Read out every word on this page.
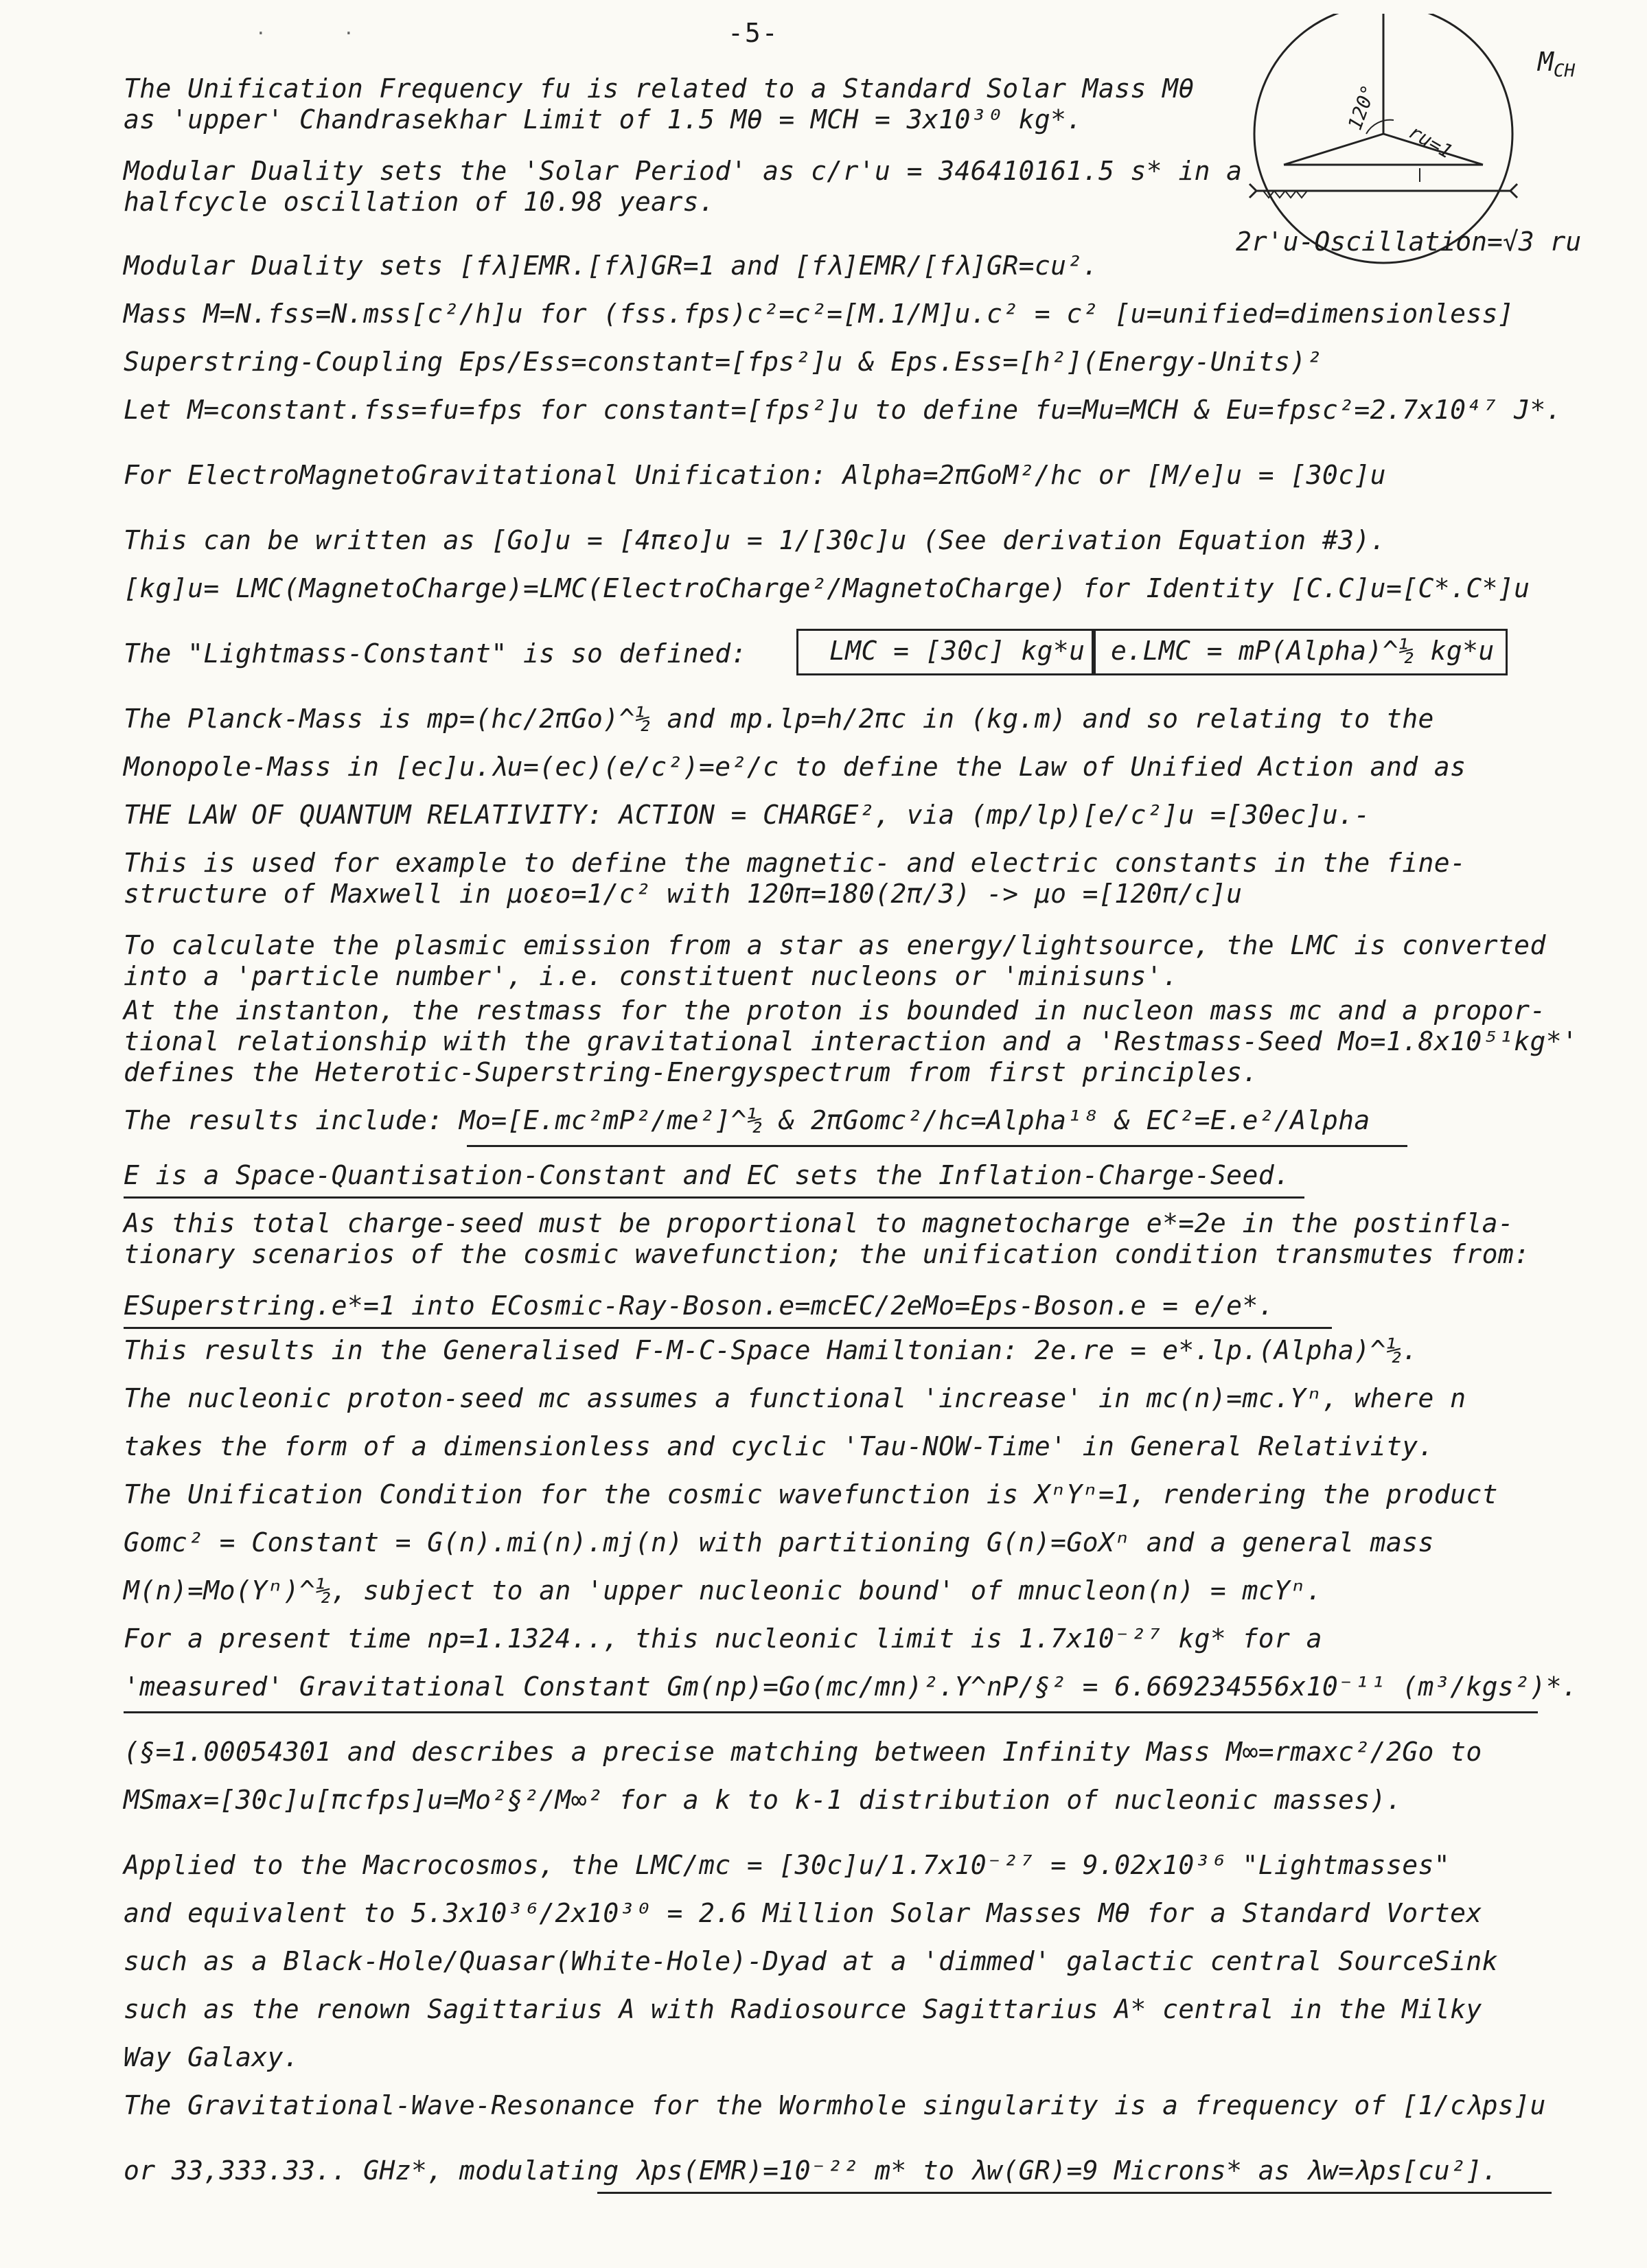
-5-
·	·
$M_{CH}$
120°
ru=1
2r'u-Oscillation=√3 ru
The Unification Frequency fu is related to a Standard Solar Mass Mθ
as 'upper' Chandrasekhar Limit of 1.5 Mθ = MCH = 3x10³⁰ kg*.
Modular Duality sets the 'Solar Period' as c/r'u = 346410161.5 s* in a
halfcycle oscillation of 10.98 years.
Modular Duality sets [fλ]EMR.[fλ]GR=1 and [fλ]EMR/[fλ]GR=cu².
Mass M=N.fss=N.mss[c²/h]u for (fss.fps)c²=c²=[M.1/M]u.c² = c² [u=unified=dimensionless]
Superstring-Coupling Eps/Ess=constant=[fps²]u & Eps.Ess=[h²](Energy-Units)²
Let M=constant.fss=fu=fps for constant=[fps²]u to define fu=Mu=MCH & Eu=fpsc²=2.7x10⁴⁷ J*.
For ElectroMagnetoGravitational Unification: Alpha=2πGoM²/hc or [M/e]u = [30c]u
This can be written as [Go]u = [4πεo]u = 1/[30c]u (See derivation Equation #3).
[kg]u= LMC(MagnetoCharge)=LMC(ElectroCharge²/MagnetoCharge) for Identity [C.C]u=[C*.C*]u
The "Lightmass-Constant" is so defined:	LMC = [30c] kg*u e.LMC = mP(Alpha)^½ kg*u
The Planck-Mass is mp=(hc/2πGo)^½ and mp.lp=h/2πc in (kg.m) and so relating to the
Monopole-Mass in [ec]u.λu=(ec)(e/c²)=e²/c to define the Law of Unified Action and as
THE LAW OF QUANTUM RELATIVITY: ACTION = CHARGE², via (mp/lp)[e/c²]u =[30ec]u.-
This is used for example to define the magnetic- and electric constants in the fine-
structure of Maxwell in μoεo=1/c² with 120π=180(2π/3) -> μo =[120π/c]u
To calculate the plasmic emission from a star as energy/lightsource, the LMC is converted
into a 'particle number', i.e. constituent nucleons or 'minisuns'.
At the instanton, the restmass for the proton is bounded in nucleon mass mc and a propor-
tional relationship with the gravitational interaction and a 'Restmass-Seed Mo=1.8x10⁵¹kg*'
defines the Heterotic-Superstring-Energyspectrum from first principles.
The results include: Mo=[E.mc²mP²/me²]^½ & 2πGomc²/hc=Alpha¹⁸ & EC²=E.e²/Alpha
E is a Space-Quantisation-Constant and EC sets the Inflation-Charge-Seed.
As this total charge-seed must be proportional to magnetocharge e*=2e in the postinfla-
tionary scenarios of the cosmic wavefunction; the unification condition transmutes from:
ESuperstring.e*=1 into ECosmic-Ray-Boson.e=mcEC/2eMo=Eps-Boson.e = e/e*.
This results in the Generalised F-M-C-Space Hamiltonian: 2e.re = e*.lp.(Alpha)^½.
The nucleonic proton-seed mc assumes a functional 'increase' in mc(n)=mc.Yⁿ, where n
takes the form of a dimensionless and cyclic 'Tau-NOW-Time' in General Relativity.
The Unification Condition for the cosmic wavefunction is XⁿYⁿ=1, rendering the product
Gomc² = Constant = G(n).mi(n).mj(n) with partitioning G(n)=GoXⁿ and a general mass
M(n)=Mo(Yⁿ)^½, subject to an 'upper nucleonic bound' of mnucleon(n) = mcYⁿ.
For a present time np=1.1324.., this nucleonic limit is 1.7x10⁻²⁷ kg* for a
'measured' Gravitational Constant Gm(np)=Go(mc/mn)².Y^nP/§² = 6.669234556x10⁻¹¹ (m³/kgs²)*.
(§=1.00054301 and describes a precise matching between Infinity Mass M∞=rmaxc²/2Go to
MSmax=[30c]u[πcfps]u=Mo²§²/M∞² for a k to k-1 distribution of nucleonic masses).
Applied to the Macrocosmos, the LMC/mc = [30c]u/1.7x10⁻²⁷ = 9.02x10³⁶ "Lightmasses"
and equivalent to 5.3x10³⁶/2x10³⁰ = 2.6 Million Solar Masses Mθ for a Standard Vortex
such as a Black-Hole/Quasar(White-Hole)-Dyad at a 'dimmed' galactic central SourceSink
such as the renown Sagittarius A with Radiosource Sagittarius A* central in the Milky
Way Galaxy.
The Gravitational-Wave-Resonance for the Wormhole singularity is a frequency of [1/cλps]u
or 33,333.33.. GHz*, modulating λps(EMR)=10⁻²² m* to λw(GR)=9 Microns* as λw=λps[cu²].
